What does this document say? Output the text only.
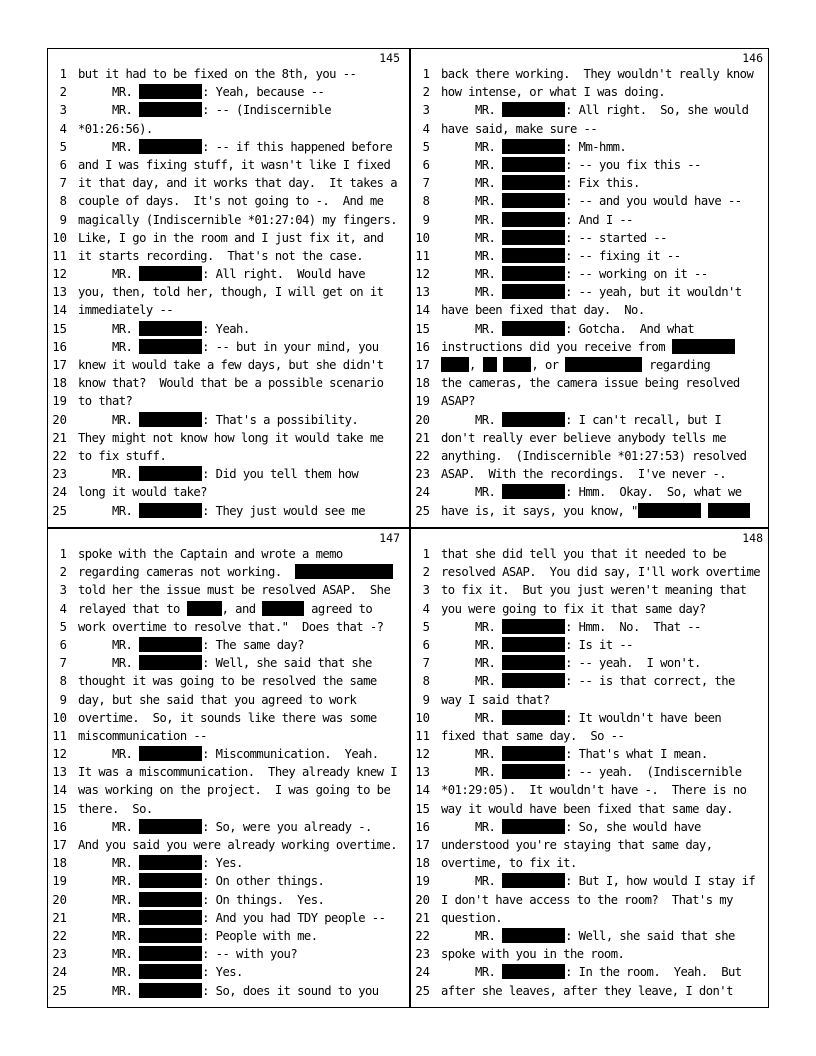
145
1 but it had to be fixed on the 8th, you --
2 MR.	: Yeah, because --
3 MR.	: -- (Indiscernible
4 *01:26:56).
5 MR.	: -- if this happened before
6 and I was fixing stuff, it wasn't like I fixed
7 it that day, and it works that day.  It takes a
8 couple of days.  It's not going to -.  And me
9 magically (Indiscernible *01:27:04) my fingers.
10 Like, I go in the room and I just fix it, and
11 it starts recording.  That's not the case.
12 MR.	: All right.  Would have
13 you, then, told her, though, I will get on it
14 immediately --
15 MR.	: Yeah.
16 MR.	: -- but in your mind, you
17 knew it would take a few days, but she didn't
18 know that?  Would that be a possible scenario
19 to that?
20 MR.	: That's a possibility.
21 They might not know how long it would take me
22 to fix stuff.
23 MR.	: Did you tell them how
24 long it would take?
25 MR.	: They just would see me
146
1 back there working.  They wouldn't really know
2 how intense, or what I was doing.
3 MR.	: All right.  So, she would
4 have said, make sure --
5 MR.	: Mm-hmm.
6 MR.	: -- you fix this --
7 MR.	: Fix this.
8 MR.	: -- and you would have --
9 MR.	: And I --
10 MR.	: -- started --
11 MR.	: -- fixing it --
12 MR.	: -- working on it --
13 MR.	: -- yeah, but it wouldn't
14 have been fixed that day.  No.
15 MR.	: Gotcha.  And what
16 instructions did you receive from
17	,	, or	regarding
18 the cameras, the camera issue being resolved
19 ASAP?
20 MR.	: I can't recall, but I
21 don't really ever believe anybody tells me
22 anything.  (Indiscernible *01:27:53) resolved
23 ASAP.  With the recordings.  I've never -.
24 MR.	: Hmm.  Okay.  So, what we
25 have is, it says, you know, "
147
1 spoke with the Captain and wrote a memo
2 regarding cameras not working.
3 told her the issue must be resolved ASAP.  She
4 relayed that to	, and	agreed to
5 work overtime to resolve that."  Does that -?
6 MR.	: The same day?
7 MR.	: Well, she said that she
8 thought it was going to be resolved the same
9 day, but she said that you agreed to work
10 overtime.  So, it sounds like there was some
11 miscommunication --
12 MR.	: Miscommunication.  Yeah.
13 It was a miscommunication.  They already knew I
14 was working on the project.  I was going to be
15 there.  So.
16 MR.	: So, were you already -.
17 And you said you were already working overtime.
18 MR.	: Yes.
19 MR.	: On other things.
20 MR.	: On things.  Yes.
21 MR.	: And you had TDY people --
22 MR.	: People with me.
23 MR.	: -- with you?
24 MR.	: Yes.
25 MR.	: So, does it sound to you
148
1 that she did tell you that it needed to be
2 resolved ASAP.  You did say, I'll work overtime
3 to fix it.  But you just weren't meaning that
4 you were going to fix it that same day?
5 MR.	: Hmm.  No.  That --
6 MR.	: Is it --
7 MR.	: -- yeah.  I won't.
8 MR.	: -- is that correct, the
9 way I said that?
10 MR.	: It wouldn't have been
11 fixed that same day.  So --
12 MR.	: That's what I mean.
13 MR.	: -- yeah.  (Indiscernible
14 *01:29:05).  It wouldn't have -.  There is no
15 way it would have been fixed that same day.
16 MR.	: So, she would have
17 understood you're staying that same day,
18 overtime, to fix it.
19 MR.	: But I, how would I stay if
20 I don't have access to the room?  That's my
21 question.
22 MR.	: Well, she said that she
23 spoke with you in the room.
24 MR.	: In the room.  Yeah.  But
25 after she leaves, after they leave, I don't
